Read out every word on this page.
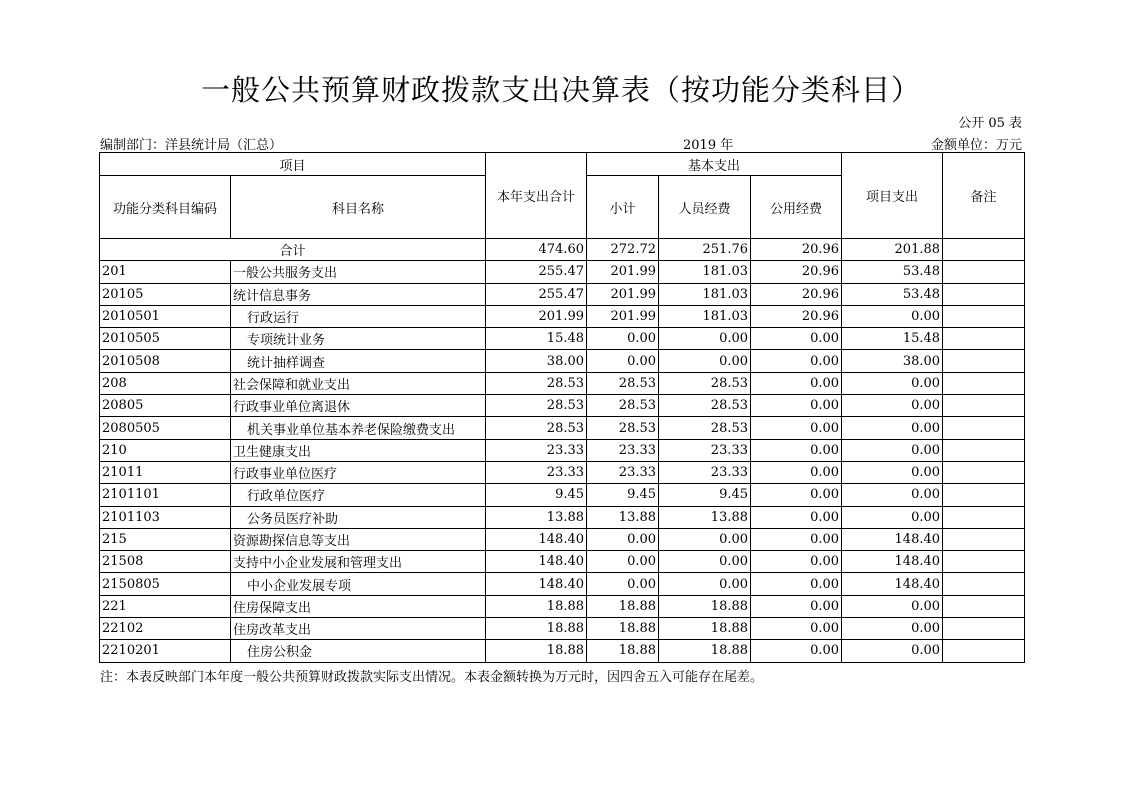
一般公共预算财政拨款支出决算表（按功能分类科目）
公开 05 表
编制部门：洋县统计局（汇总）	2019 年	金额单位：万元
项目		本年支出合计	基本支出			项目支出	备注
功能分类科目编码	科目名称		小计	人员经费	公用经费		
合计		474.60	272.72	251.76	20.96	201.88	
201	一般公共服务支出	255.47	201.99	181.03	20.96	53.48	
20105	统计信息事务	255.47	201.99	181.03	20.96	53.48	
2010501	行政运行	201.99	201.99	181.03	20.96	0.00	
2010505	专项统计业务	15.48	0.00	0.00	0.00	15.48	
2010508	统计抽样调查	38.00	0.00	0.00	0.00	38.00	
208	社会保障和就业支出	28.53	28.53	28.53	0.00	0.00	
20805	行政事业单位离退休	28.53	28.53	28.53	0.00	0.00	
2080505	机关事业单位基本养老保险缴费支出	28.53	28.53	28.53	0.00	0.00	
210	卫生健康支出	23.33	23.33	23.33	0.00	0.00	
21011	行政事业单位医疗	23.33	23.33	23.33	0.00	0.00	
2101101	行政单位医疗	9.45	9.45	9.45	0.00	0.00	
2101103	公务员医疗补助	13.88	13.88	13.88	0.00	0.00	
215	资源勘探信息等支出	148.40	0.00	0.00	0.00	148.40	
21508	支持中小企业发展和管理支出	148.40	0.00	0.00	0.00	148.40	
2150805	中小企业发展专项	148.40	0.00	0.00	0.00	148.40	
221	住房保障支出	18.88	18.88	18.88	0.00	0.00	
22102	住房改革支出	18.88	18.88	18.88	0.00	0.00	
2210201	住房公积金	18.88	18.88	18.88	0.00	0.00	
注：本表反映部门本年度一般公共预算财政拨款实际支出情况。本表金额转换为万元时，因四舍五入可能存在尾差。
